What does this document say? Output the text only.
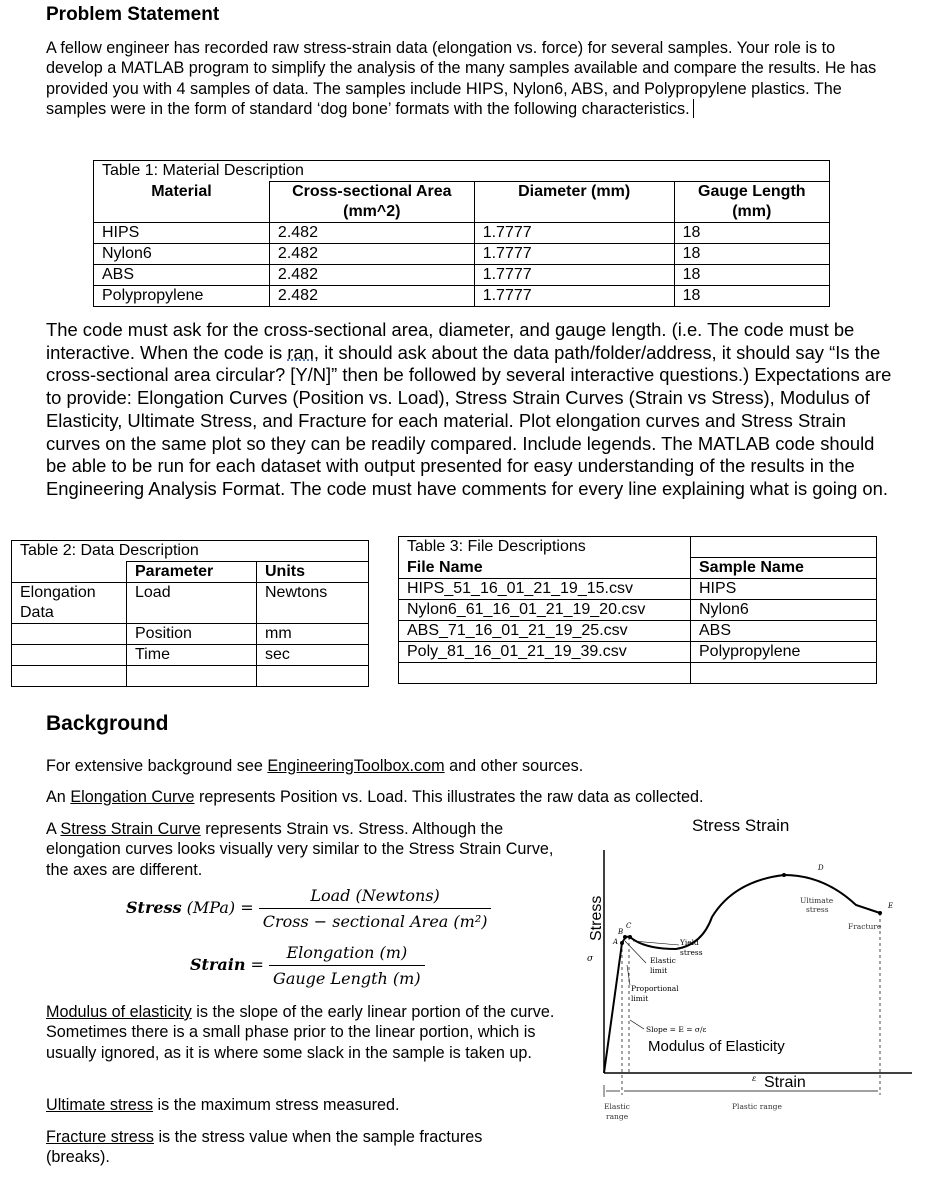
Problem Statement

A fellow engineer has recorded raw stress-strain data (elongation vs. force) for several samples. Your role is to develop a MATLAB program to simplify the analysis of the many samples available and compare the results. He has provided you with 4 samples of data. The samples include HIPS, Nylon6, ABS, and Polypropylene plastics. The samples were in the form of standard ‘dog bone’ formats with the following characteristics.

Table 1: Material Description			
Material	Cross-sectional Area (mm^2)	Diameter (mm)	Gauge Length (mm)
HIPS	2.482	1.7777	18
Nylon6	2.482	1.7777	18
ABS	2.482	1.7777	18
Polypropylene	2.482	1.7777	18

The code must ask for the cross-sectional area, diameter, and gauge length. (i.e. The code must be interactive. When the code is ran, it should ask about the data path/folder/address, it should say “Is the cross-sectional area circular? [Y/N]” then be followed by several interactive questions.) Expectations are to provide: Elongation Curves (Position vs. Load), Stress Strain Curves (Strain vs Stress), Modulus of Elasticity, Ultimate Stress, and Fracture for each material. Plot elongation curves and Stress Strain curves on the same plot so they can be readily compared. Include legends. The MATLAB code should be able to be run for each dataset with output presented for easy understanding of the results in the Engineering Analysis Format. The code must have comments for every line explaining what is going on.

Table 2: Data Description		
	Parameter	Units
Elongation Data	Load	Newtons
	Position	mm
	Time	sec

Table 3: File Descriptions	
File Name	Sample Name
HIPS_51_16_01_21_19_15.csv	HIPS
Nylon6_61_16_01_21_19_20.csv	Nylon6
ABS_71_16_01_21_19_25.csv	ABS
Poly_81_16_01_21_19_39.csv	Polypropylene

Background

For extensive background see EngineeringToolbox.com and other sources.

An Elongation Curve represents Position vs. Load. This illustrates the raw data as collected.

A Stress Strain Curve represents Strain vs. Stress. Although the elongation curves looks visually very similar to the Stress Strain Curve, the axes are different.

Stress $(MPa) = \frac{\text{Load (Newtons)}}{\text{Cross − sectional Area (m²)}}$
Strain = $\frac{\text{Elongation (m)}}{\text{Gauge Length (m)}}$

Modulus of elasticity is the slope of the early linear portion of the curve. Sometimes there is a small phase prior to the linear portion, which is usually ignored, as it is where some slack in the sample is taken up.

Ultimate stress is the maximum stress measured.

Fracture stress is the stress value when the sample fractures (breaks).

Stress Strain
Stress
σ
A
B
C
D
E
Ultimate
stress
Fracture
Yield
stress
Elastic
limit
Proportional
limit
Slope = E = σ/ε
Modulus of Elasticity
ε Strain
Elastic
range
Plastic range
